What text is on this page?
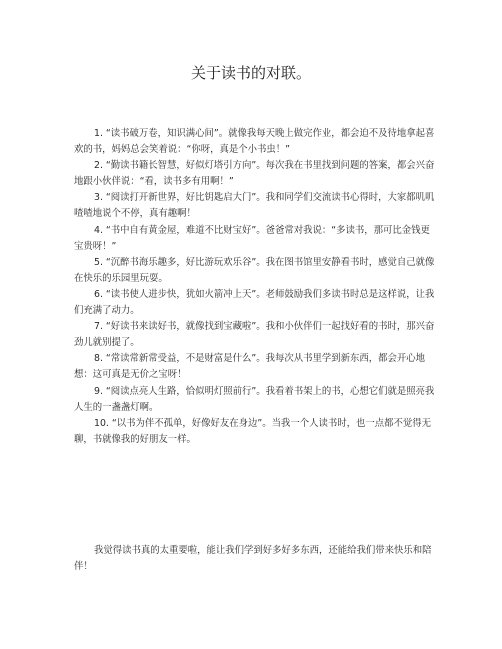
关于读书的对联。

1. “读书破万卷，知识满心间”。就像我每天晚上做完作业，都会迫不及待地拿起喜欢的书，妈妈总会笑着说：“你呀，真是个小书虫！”

2. “勤读书籍长智慧，好似灯塔引方向”。每次我在书里找到问题的答案，都会兴奋地跟小伙伴说：“看，读书多有用啊！”

3. “阅读打开新世界，好比钥匙启大门”。我和同学们交流读书心得时，大家都叽叽喳喳地说个不停，真有趣啊！

4. “书中自有黄金屋，难道不比财宝好”。爸爸常对我说：“多读书，那可比金钱更宝贵呀！”

5. “沉醉书海乐趣多，好比游玩欢乐谷”。我在图书馆里安静看书时，感觉自己就像在快乐的乐园里玩耍。

6. “读书使人进步快，犹如火箭冲上天”。老师鼓励我们多读书时总是这样说，让我们充满了动力。

7. “好读书来读好书，就像找到宝藏啦”。我和小伙伴们一起找好看的书时，那兴奋劲儿就别提了。

8. “常读常新常受益，不是财富是什么”。我每次从书里学到新东西，都会开心地想：这可真是无价之宝呀！

9. “阅读点亮人生路，恰似明灯照前行”。我看着书架上的书，心想它们就是照亮我人生的一盏盏灯啊。

10. “以书为伴不孤单，好像好友在身边”。当我一个人读书时，也一点都不觉得无聊，书就像我的好朋友一样。

我觉得读书真的太重要啦，能让我们学到好多好多东西，还能给我们带来快乐和陪伴！
